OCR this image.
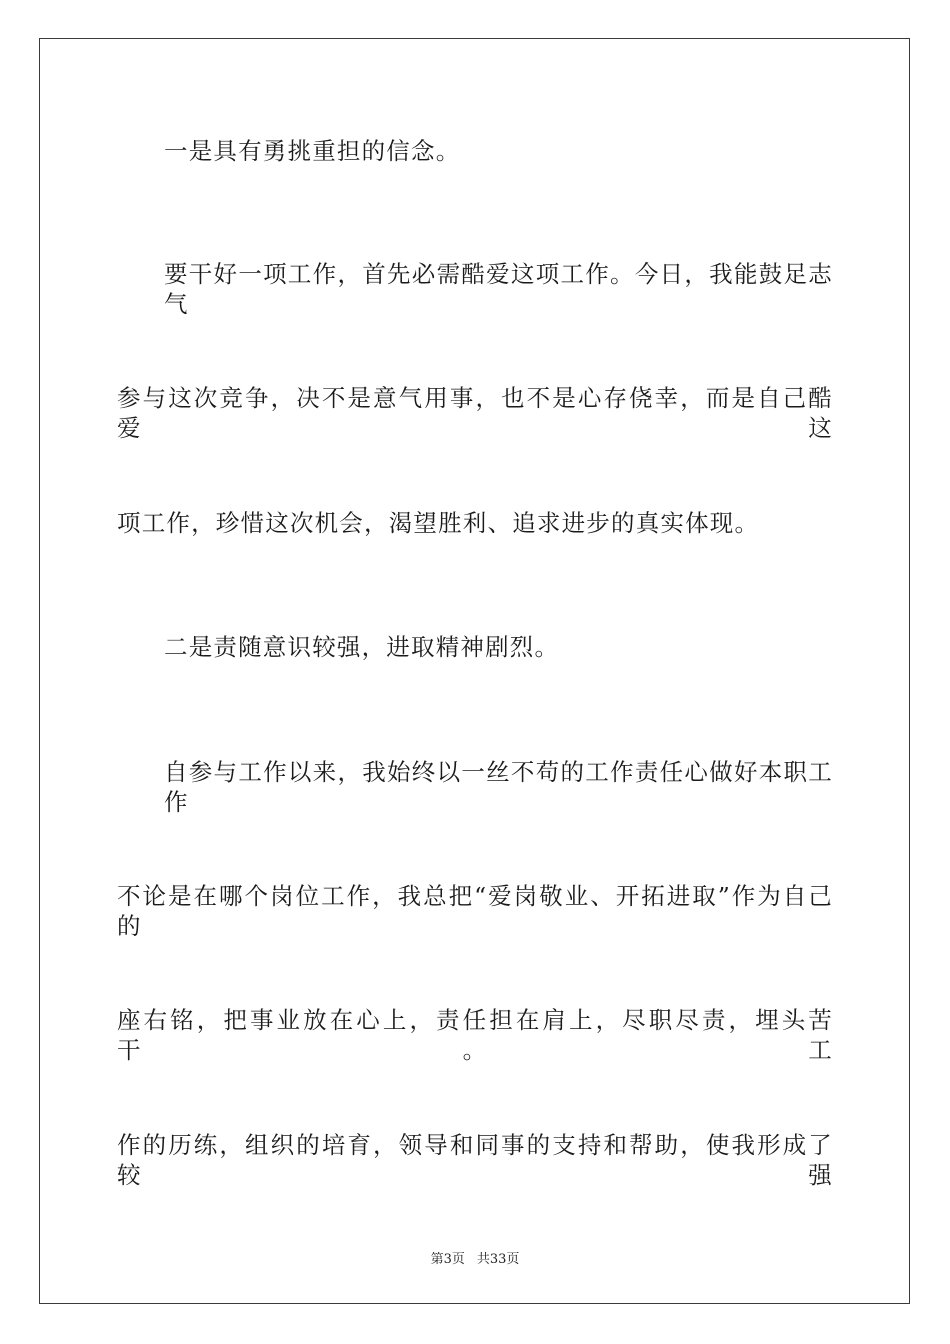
一是具有勇挑重担的信念。
要干好一项工作，首先必需酷爱这项工作。今日，我能鼓足志气
参与这次竞争，决不是意气用事，也不是心存侥幸，而是自己酷爱这
项工作，珍惜这次机会，渴望胜利、追求进步的真实体现。
二是责随意识较强，进取精神剧烈。
自参与工作以来，我始终以一丝不苟的工作责任心做好本职工作
不论是在哪个岗位工作，我总把“爱岗敬业、开拓进取”作为自己的
座右铭，把事业放在心上，责任担在肩上，尽职尽责，埋头苦干。工
作的历练，组织的培育，领导和同事的支持和帮助，使我形成了较强
第3页 共33页
